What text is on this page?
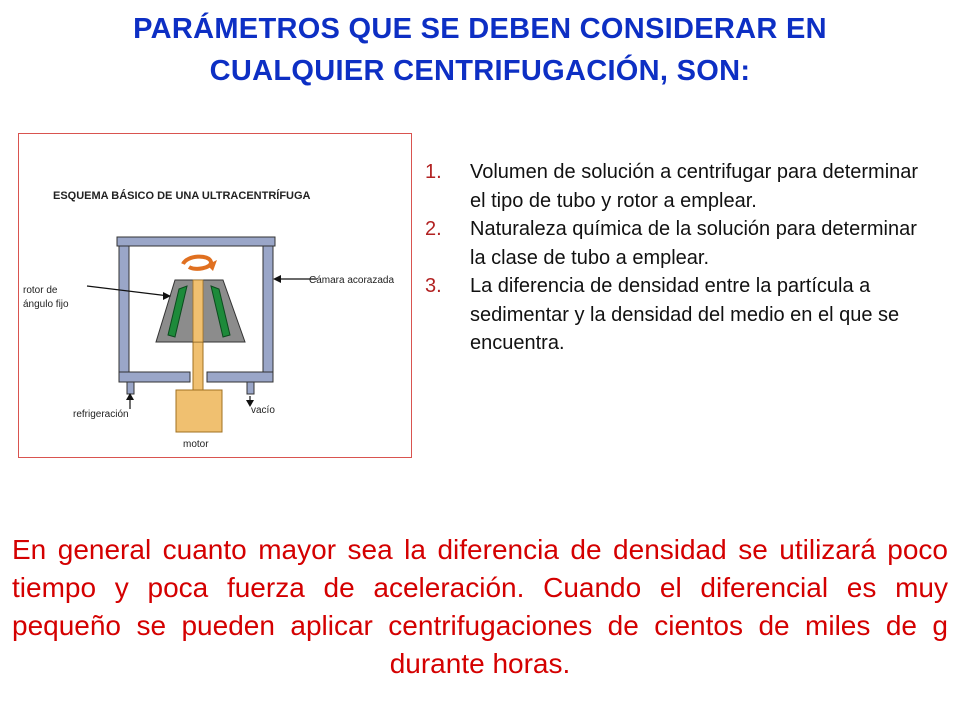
PARÁMETROS QUE SE DEBEN CONSIDERAR EN
CUALQUIER CENTRIFUGACIÓN, SON:
ESQUEMA BÁSICO DE UNA ULTRACENTRÍFUGA
rotor de
ángulo fijo
Cámara acorazada
refrigeración	vacío
motor
1. Volumen de solución a centrifugar para determinar el tipo de tubo y rotor a emplear.
2. Naturaleza química de la solución para determinar la clase de tubo a emplear.
3. La diferencia de densidad entre la partícula a sedimentar y la densidad del medio en el que se encuentra.
En general cuanto mayor sea la diferencia de densidad se utilizará poco tiempo y poca fuerza de aceleración. Cuando el diferencial es muy pequeño se pueden aplicar centrifugaciones de cientos de miles de g durante horas.
